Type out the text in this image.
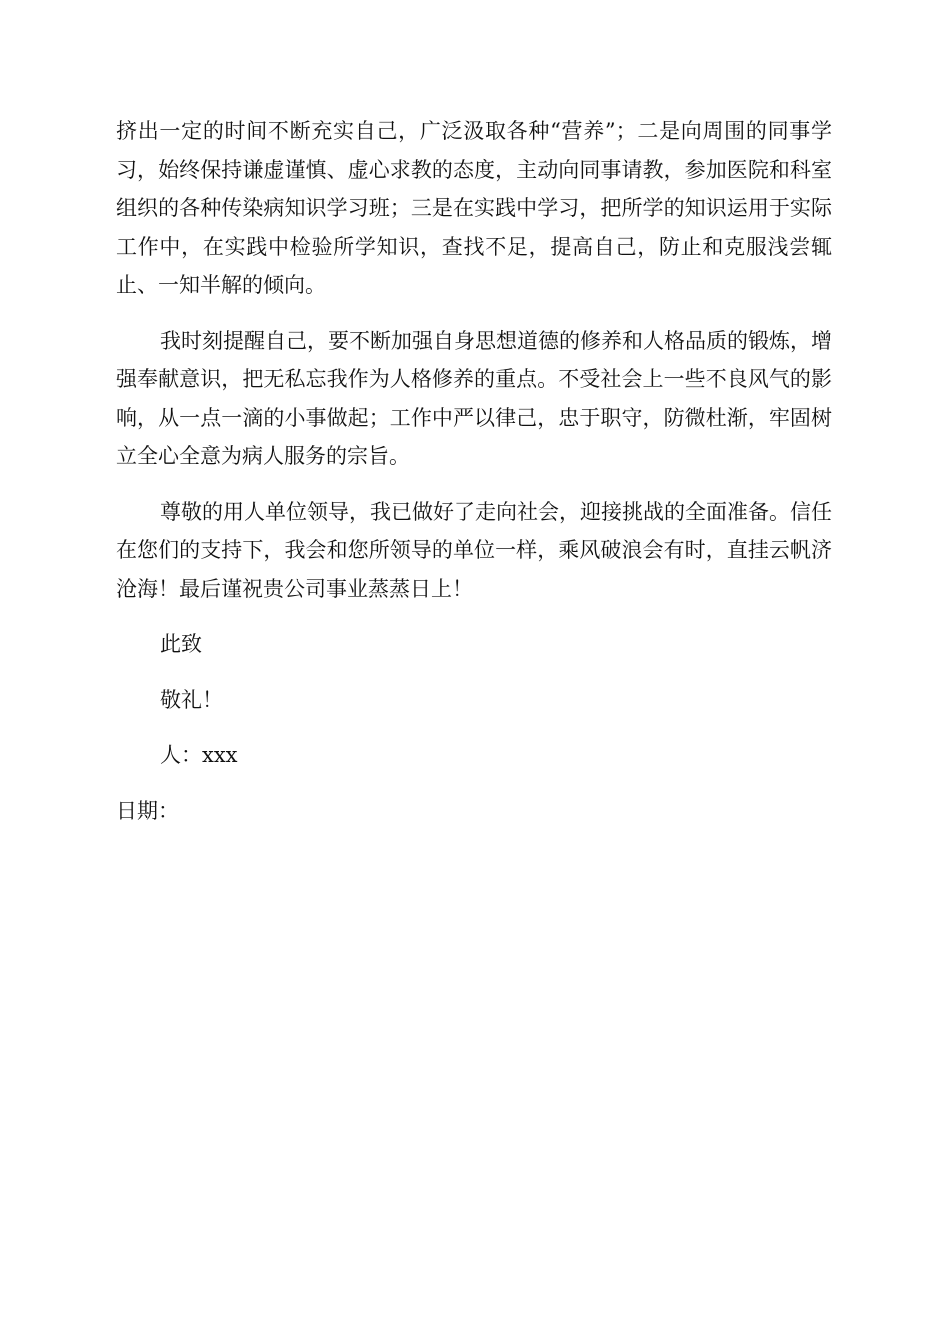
挤出一定的时间不断充实自己，广泛汲取各种“营养”；二是向周围的同事学习，始终保持谦虚谨慎、虚心求教的态度，主动向同事请教，参加医院和科室组织的各种传染病知识学习班；三是在实践中学习，把所学的知识运用于实际工作中，在实践中检验所学知识，查找不足，提高自己，防止和克服浅尝辄止、一知半解的倾向。

我时刻提醒自己，要不断加强自身思想道德的修养和人格品质的锻炼，增强奉献意识，把无私忘我作为人格修养的重点。不受社会上一些不良风气的影响，从一点一滴的小事做起；工作中严以律己，忠于职守，防微杜渐，牢固树立全心全意为病人服务的宗旨。

尊敬的用人单位领导，我已做好了走向社会，迎接挑战的全面准备。信任在您们的支持下，我会和您所领导的单位一样，乘风破浪会有时，直挂云帆济沧海！最后谨祝贵公司事业蒸蒸日上！

此致

敬礼！

人：xxx

日期：
